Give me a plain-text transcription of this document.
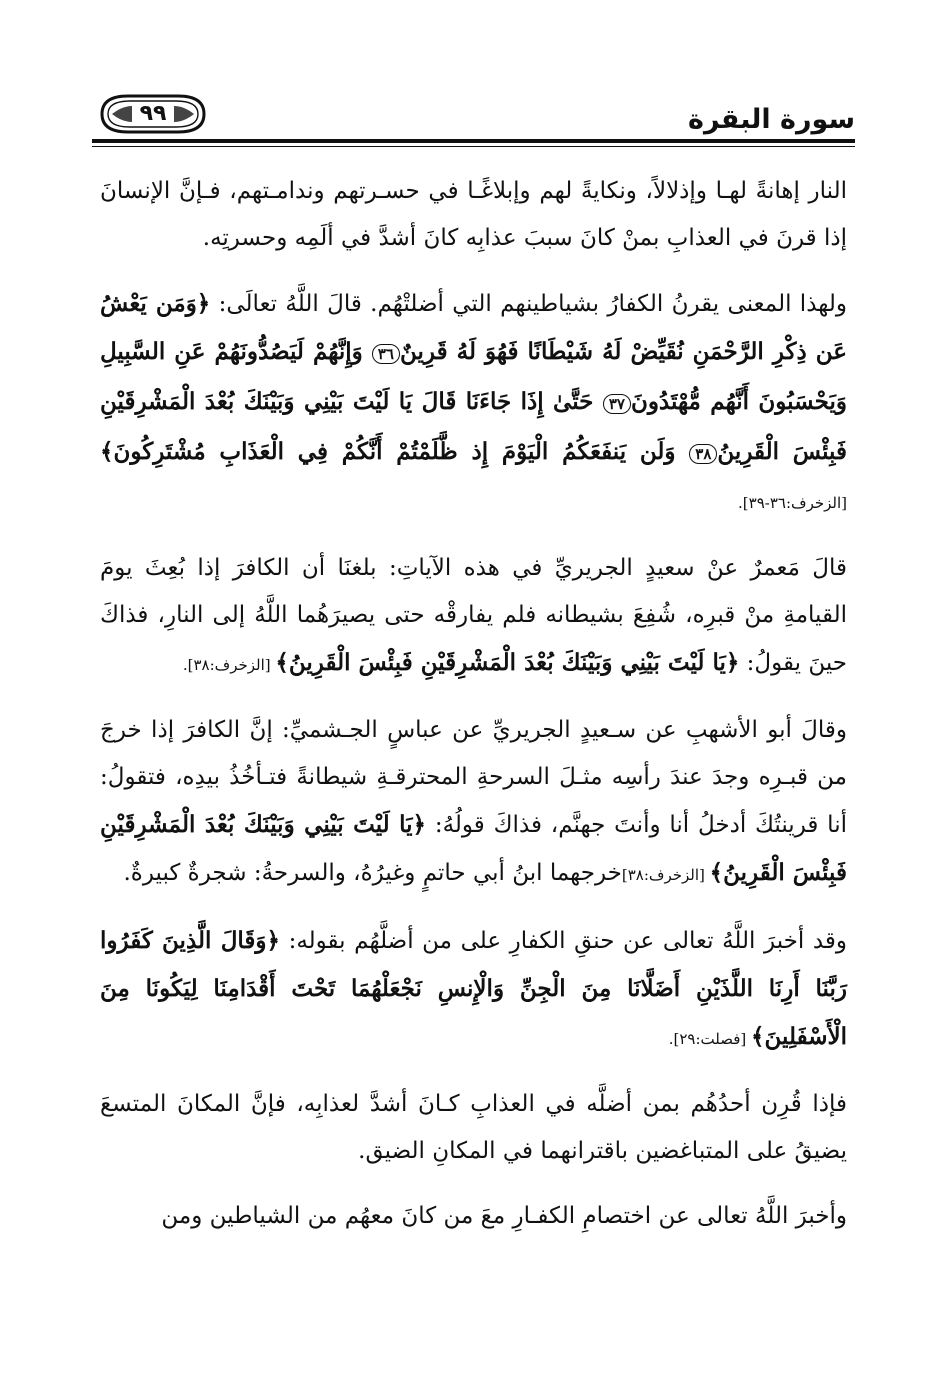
سورة البقرة
٩٩

النار إهانةً لهـا وإذلالاً، ونكايةً لهم وإبلاغًـا في حسـرتهم وندامـتهم، فـإنَّ الإنسانَ إذا قرنَ في العذابِ بمنْ كانَ سببَ عذابِه كانَ أشدَّ في ألَمِه وحسرتِه.

ولهذا المعنى يقرنُ الكفارُ بشياطينهم التي أضلتْهُم. قالَ اللَّهُ تعالَى: ﴿وَمَن يَعْشُ عَن ذِكْرِ الرَّحْمَنِ نُقَيِّضْ لَهُ شَيْطَانًا فَهُوَ لَهُ قَرِينٌ٣٦ وَإِنَّهُمْ لَيَصُدُّونَهُمْ عَنِ السَّبِيلِ وَيَحْسَبُونَ أَنَّهُم مُّهْتَدُونَ٣٧ حَتَّىٰ إِذَا جَاءَنَا قَالَ يَا لَيْتَ بَيْنِي وَبَيْنَكَ بُعْدَ الْمَشْرِقَيْنِ فَبِئْسَ الْقَرِينُ٣٨ وَلَن يَنفَعَكُمُ الْيَوْمَ إِذ ظَّلَمْتُمْ أَنَّكُمْ فِي الْعَذَابِ مُشْتَرِكُونَ﴾ [الزخرف:٣٦-٣٩].

قالَ مَعمرٌ عنْ سعيدٍ الجريريِّ في هذه الآياتِ: بلغنَا أن الكافرَ إذا بُعِثَ يومَ القيامةِ منْ قبرِه، شُفِعَ بشيطانه فلم يفارقْه حتى يصيرَهُما اللَّهُ إلى النارِ، فذاكَ حينَ يقولُ: ﴿يَا لَيْتَ بَيْنِي وَبَيْنَكَ بُعْدَ الْمَشْرِقَيْنِ فَبِئْسَ الْقَرِينُ﴾ [الزخرف:٣٨].

وقالَ أبو الأشهبِ عن سـعيدٍ الجريريِّ عن عباسٍ الجـشميِّ: إنَّ الكافرَ إذا خرجَ من قبـرِه وجدَ عندَ رأسِه مثـلَ السرحةِ المحترقـةِ شيطانةً فتـأخُذُ بيدِه، فتقولُ: أنا قرينتُكَ أدخلُ أنا وأنتَ جهنَّم، فذاكَ قولُهُ: ﴿يَا لَيْتَ بَيْنِي وَبَيْنَكَ بُعْدَ الْمَشْرِقَيْنِ فَبِئْسَ الْقَرِينُ﴾ [الزخرف:٣٨]خرجهما ابنُ أبي حاتمٍ وغيرُهُ، والسرحةُ: شجرةٌ كبيرةٌ.

وقد أخبرَ اللَّهُ تعالى عن حنقِ الكفارِ على من أضلَّهُم بقوله: ﴿وَقَالَ الَّذِينَ كَفَرُوا رَبَّنَا أَرِنَا اللَّذَيْنِ أَضَلَّانَا مِنَ الْجِنِّ وَالْإِنسِ نَجْعَلْهُمَا تَحْتَ أَقْدَامِنَا لِيَكُونَا مِنَ الْأَسْفَلِينَ﴾ [فصلت:٢٩].

فإذا قُرِن أحدُهُم بمن أضلَّه في العذابِ كـانَ أشدَّ لعذابِه، فإنَّ المكانَ المتسعَ يضيقُ على المتباغضين باقترانهما في المكانِ الضيق.

وأخبرَ اللَّهُ تعالى عن اختصامِ الكفـارِ معَ من كانَ معهُم من الشياطين ومن
